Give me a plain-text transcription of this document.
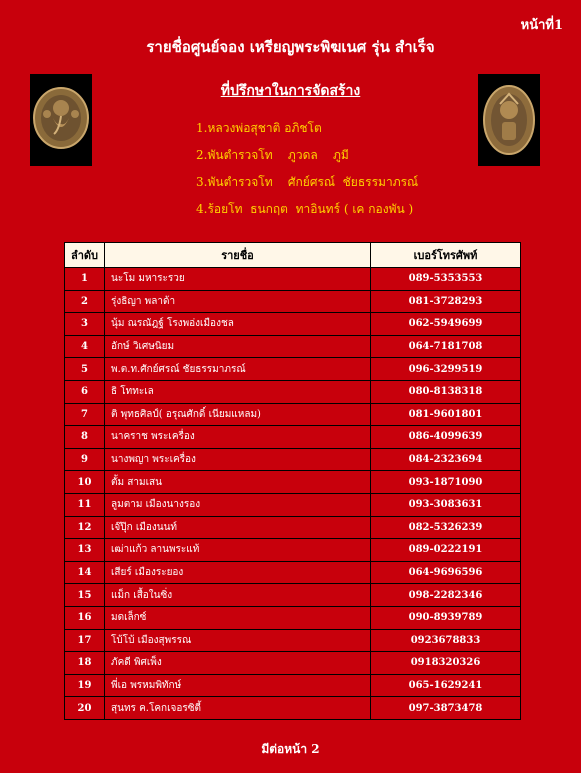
หน้าที่1
รายชื่อศูนย์จอง เหรียญพระพิฆเนศ รุ่น สำเร็จ
ที่ปรึกษาในการจัดสร้าง
1.หลวงพ่อสุชาติ อภิชโต
2.พันตำรวจโท    ภูวดล    ภูมี
3.พันตำรวจโท    ศักย์ศรณ์  ชัยธรรมาภรณ์
4.ร้อยโท  ธนกฤต  ทาอินทร์ ( เค กองพัน )
ลำดับ	รายชื่อ	เบอร์โทรศัพท์
1	นะโม มหาระรวย	089-5353553
2	รุ่งธิญา พลาด้า	081-3728293
3	นุ้ม ณรณัฎฐ์ โรงพอ่งเมืองชล	062-5949699
4	อักษ์ วิเศษนิยม	064-7181708
5	พ.ต.ท.ศักย์ศรณ์ ชัยธรรมาภรณ์	096-3299519
6	ธิ โททะเล	080-8138318
7	ติ พุทธศิลป์( อรุณศักดิ์ เนียมแหลม)	081-9601801
8	นาคราช พระเครื่อง	086-4099639
9	นางพญา พระเครื่อง	084-2323694
10	ตั้ม สามเสน	093-1871090
11	ลูมตาม เมืองนางรอง	093-3083631
12	เจ๊ปุ๊ก เมืองนนท์	082-5326239
13	เฒ่าแก้ว ลานพระแท้	089-0222191
14	เสียร์ เมืองระยอง	064-9696596
15	แม็ก เสื้อในซิ่ง	098-2282346
16	มดเล็กซ์	090-8939789
17	โบ้โบ้ เมืองสุพรรณ	0923678833
18	ภัคดี พิศเพ็ง	0918320326
19	พี่เอ พรหมพิทักษ์	065-1629241
20	สุนทร ค.โคกเจอรซิตี้	097-3873478
มีต่อหน้า 2
